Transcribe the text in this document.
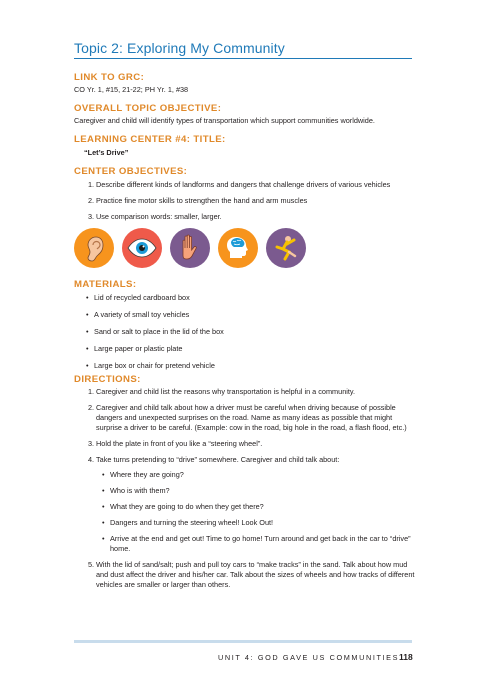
Topic 2: Exploring My Community
LINK TO GRC:
CO Yr. 1, #15, 21-22; PH Yr. 1, #38
OVERALL TOPIC OBJECTIVE:
Caregiver and child will identify types of transportation which support communities worldwide.
LEARNING CENTER #4: TITLE:
“Let’s Drive”
CENTER OBJECTIVES:
1. Describe different kinds of landforms and dangers that challenge drivers of various vehicles
2. Practice fine motor skills to strengthen the hand and arm muscles
3. Use comparison words: smaller, larger.
MATERIALS:
• Lid of recycled cardboard box
• A variety of small toy vehicles
• Sand or salt to place in the lid of the box
• Large paper or plastic plate
• Large box or chair for pretend vehicle
DIRECTIONS:
1. Caregiver and child list the reasons why transportation is helpful in a community.
2. Caregiver and child talk about how a driver must be careful when driving because of possible dangers and unexpected surprises on the road. Name as many ideas as possible that might surprise a driver to be careful. (Example: cow in the road, big hole in the road, a flash flood, etc.)
3. Hold the plate in front of you like a “steering wheel”.
4. Take turns pretending to “drive” somewhere. Caregiver and child talk about:
• Where they are going?
• Who is with them?
• What they are going to do when they get there?
• Dangers and turning the steering wheel! Look Out!
• Arrive at the end and get out! Time to go home! Turn around and get back in the car to “drive” home.
5. With the lid of sand/salt; push and pull toy cars to “make tracks” in the sand. Talk about how mud and dust affect the driver and his/her car. Talk about the sizes of wheels and how tracks of different vehicles are smaller or larger than others.
UNIT 4: GOD GAVE US COMMUNITIES 118
